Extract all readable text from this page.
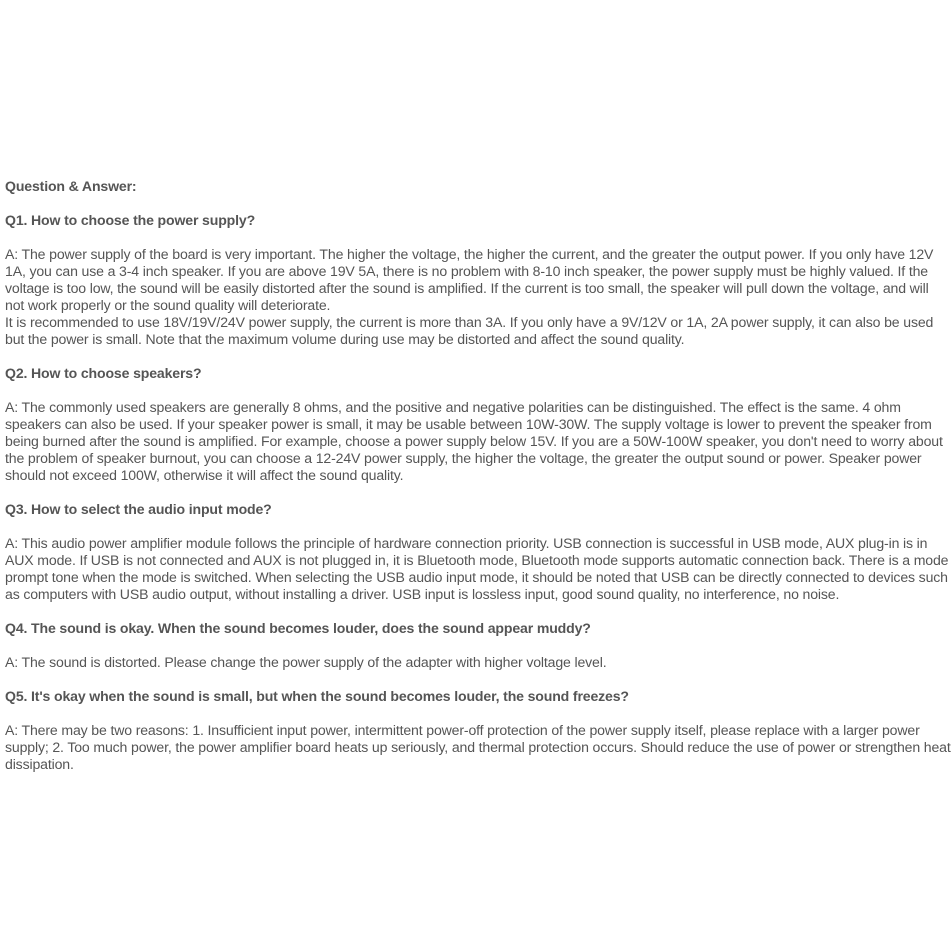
Question & Answer:

Q1. How to choose the power supply?

A: The power supply of the board is very important. The higher the voltage, the higher the current, and the greater the output power. If you only have 12V 1A, you can use a 3-4 inch speaker. If you are above 19V 5A, there is no problem with 8-10 inch speaker, the power supply must be highly valued. If the voltage is too low, the sound will be easily distorted after the sound is amplified. If the current is too small, the speaker will pull down the voltage, and will not work properly or the sound quality will deteriorate.

It is recommended to use 18V/19V/24V power supply, the current is more than 3A. If you only have a 9V/12V or 1A, 2A power supply, it can also be used but the power is small. Note that the maximum volume during use may be distorted and affect the sound quality.

Q2. How to choose speakers?

A: The commonly used speakers are generally 8 ohms, and the positive and negative polarities can be distinguished. The effect is the same. 4 ohm speakers can also be used. If your speaker power is small, it may be usable between 10W-30W. The supply voltage is lower to prevent the speaker from being burned after the sound is amplified. For example, choose a power supply below 15V. If you are a 50W-100W speaker, you don't need to worry about the problem of speaker burnout, you can choose a 12-24V power supply, the higher the voltage, the greater the output sound or power. Speaker power should not exceed 100W, otherwise it will affect the sound quality.

Q3. How to select the audio input mode?

A: This audio power amplifier module follows the principle of hardware connection priority. USB connection is successful in USB mode, AUX plug-in is in AUX mode. If USB is not connected and AUX is not plugged in, it is Bluetooth mode, Bluetooth mode supports automatic connection back. There is a mode prompt tone when the mode is switched. When selecting the USB audio input mode, it should be noted that USB can be directly connected to devices such as computers with USB audio output, without installing a driver. USB input is lossless input, good sound quality, no interference, no noise.

Q4. The sound is okay. When the sound becomes louder, does the sound appear muddy?

A: The sound is distorted. Please change the power supply of the adapter with higher voltage level.

Q5. It's okay when the sound is small, but when the sound becomes louder, the sound freezes?

A: There may be two reasons: 1. Insufficient input power, intermittent power-off protection of the power supply itself, please replace with a larger power supply; 2. Too much power, the power amplifier board heats up seriously, and thermal protection occurs. Should reduce the use of power or strengthen heat dissipation.
